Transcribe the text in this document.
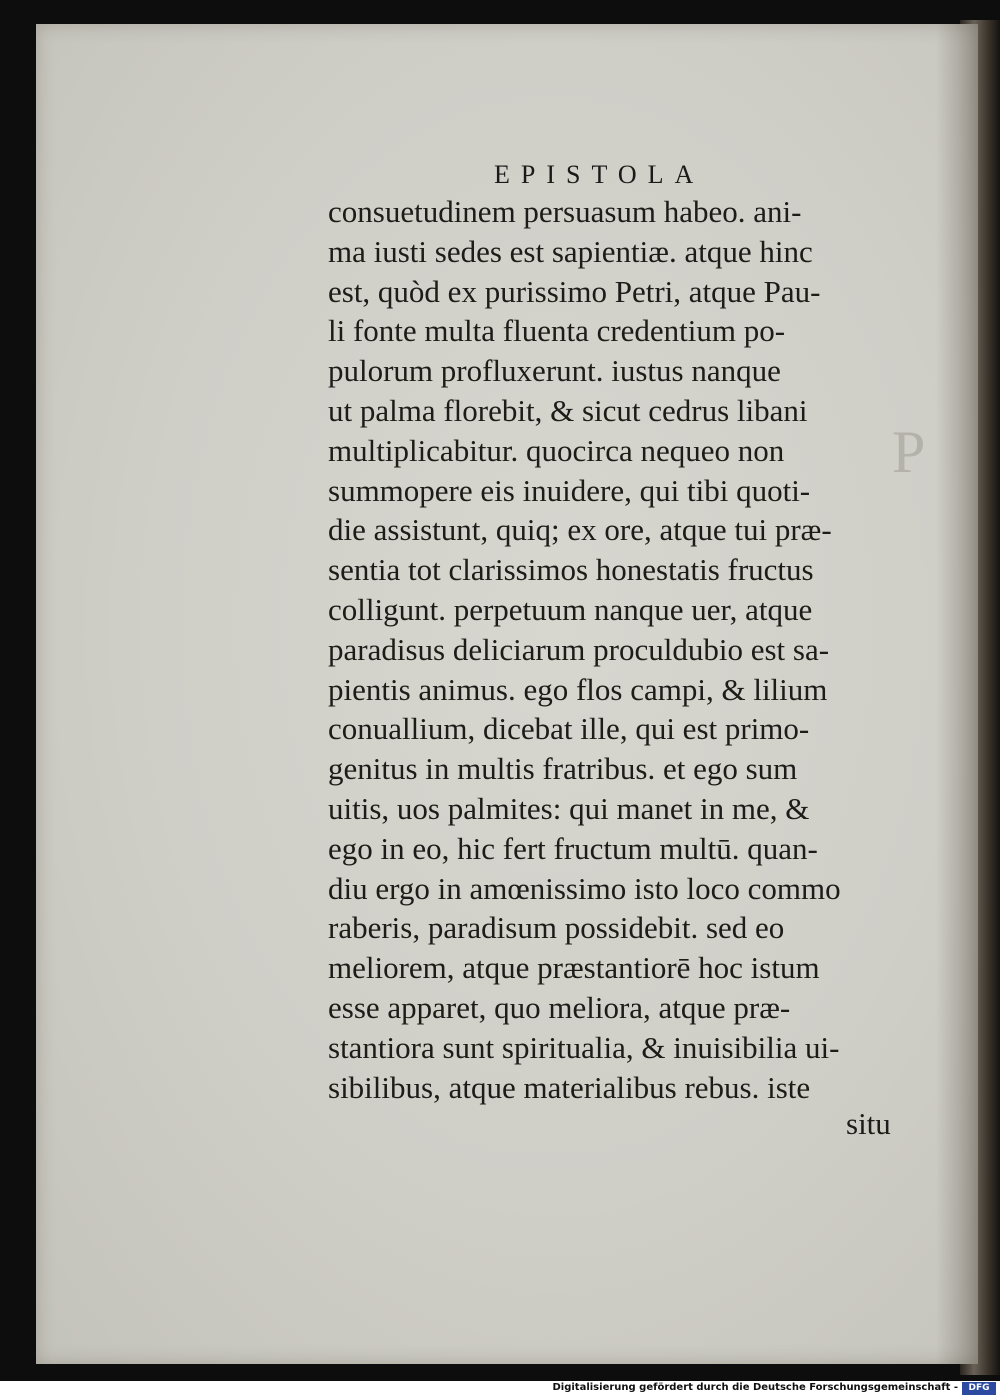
P
EPISTOLA
consuetudinem persuasum habeo. ani-
ma iusti sedes est sapientiæ. atque hinc
est, quòd ex purissimo Petri, atque Pau-
li fonte multa fluenta credentium po-
pulorum profluxerunt. iustus nanque
ut palma florebit, & sicut cedrus libani
multiplicabitur. quocirca nequeo non
summopere eis inuidere, qui tibi quoti-
die assistunt, quiq; ex ore, atque tui præ-
sentia tot clarissimos honestatis fructus
colligunt. perpetuum nanque uer, atque
paradisus deliciarum proculdubio est sa-
pientis animus. ego flos campi, & lilium
conuallium, dicebat ille, qui est primo-
genitus in multis fratribus. et ego sum
uitis, uos palmites: qui manet in me, &
ego in eo, hic fert fructum multū. quan-
diu ergo in amœnissimo isto loco commo
raberis, paradisum possidebit. sed eo
meliorem, atque præstantiorē hoc istum
esse apparet, quo meliora, atque præ-
stantiora sunt spiritualia, & inuisibilia ui-
sibilibus, atque materialibus rebus. iste
situ
Digitalisierung gefördert durch die Deutsche Forschungsgemeinschaft -	DFG
